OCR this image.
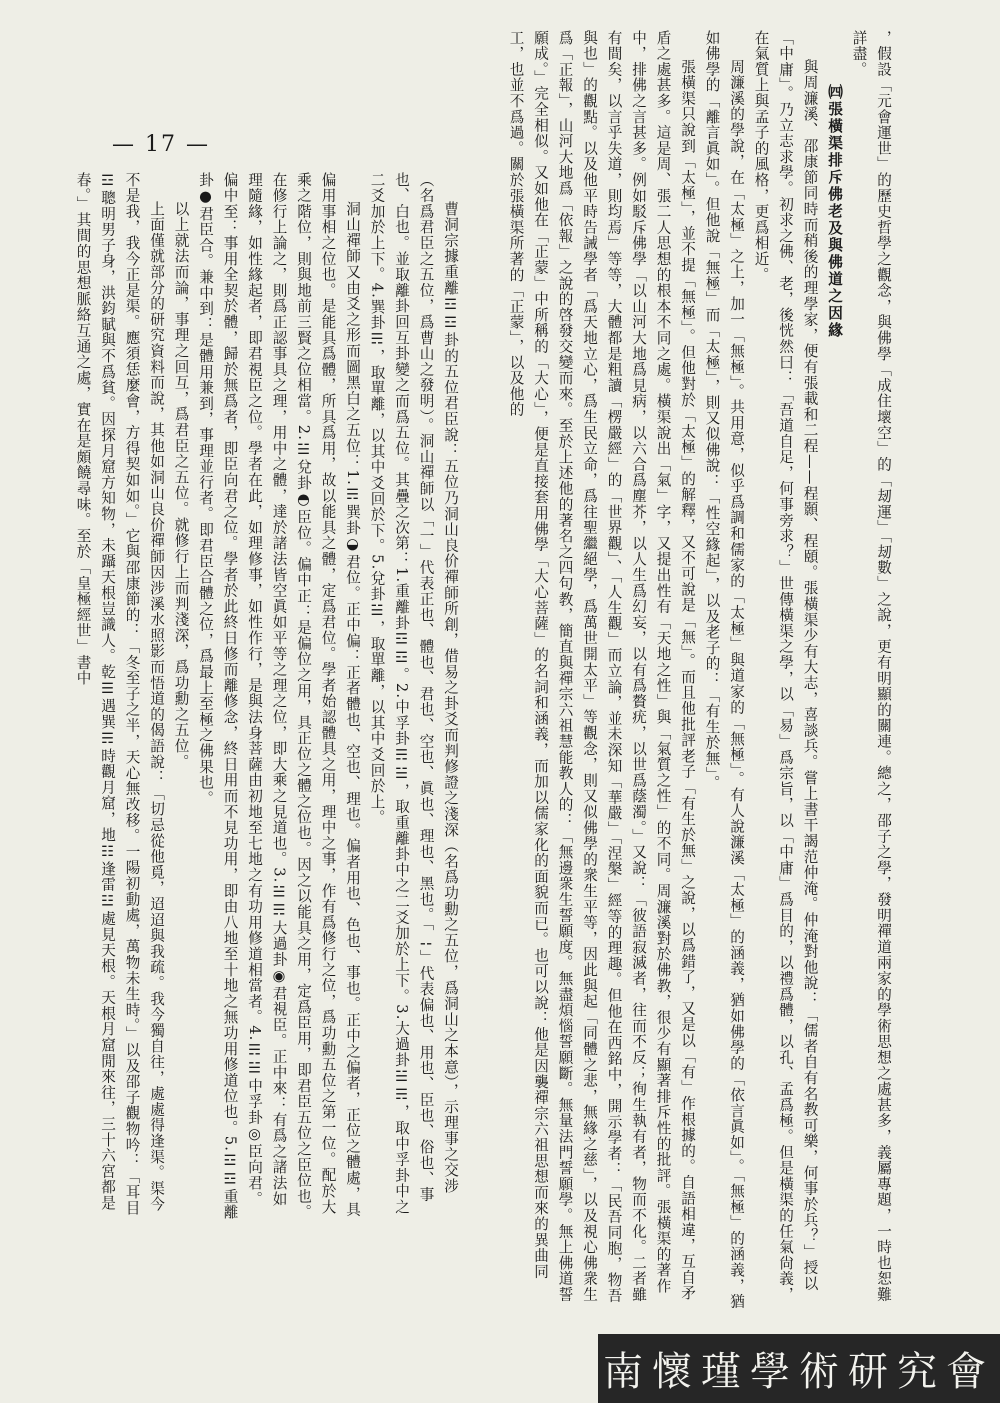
— 17 —	，假設「元會運世」的歷史哲學之觀念，與佛學「成住壞空」的「刼運」「刼數」之說，更有明顯的關連。總之，邵子之學，發明禪道兩家的學術思想之處甚多，義屬專題，一時也恕難詳盡。

㈣張橫渠排斥佛老及與佛道之因緣

與周濂溪、邵康節同時而稍後的理學家，便有張載和二程——程顥、程頤。張橫渠少有大志，喜談兵。嘗上書干謁范仲淹。仲淹對他說：「儒者自有名教可樂，何事於兵？」授以「中庸」。乃立志求學。初求之佛、老，後恍然曰：「吾道自足，何事旁求？」世傳橫渠之學，以「易」爲宗旨，以「中庸」爲目的，以禮爲體，以孔、孟爲極。但是橫渠的任氣尙義，在氣質上與孟子的風格，更爲相近。

周濂溪的學說，在「太極」之上，加一「無極」。共用意，似乎爲調和儒家的「太極」與道家的「無極」。有人說濂溪「太極」的涵義，猶如佛學的「依言眞如」。「無極」的涵義，猶如佛學的「離言眞如」。但他說「無極」而「太極」，則又似佛說：「性空緣起」，以及老子的：「有生於無」。

張橫渠只說到「太極」，並不提「無極」。但他對於「太極」的解釋，又不可說是「無」。而且他批評老子「有生於無」之說，以爲錯了，又是以「有」作根據的。自語相違，互自矛盾之處甚多。這是周、張二人思想的根本不同之處。橫渠說出「氣」字，又提出性有「天地之性」與「氣質之性」的不同。周濂溪對於佛教，很少有顯著排斥性的批評。張橫渠的著作中，排佛之言甚多。例如駁斥佛學「以山河大地爲見病，以六合爲塵芥，以人生爲幻妄，以有爲贅疣，以世爲蔭濁。」又說：「彼語寂滅者，往而不反；徇生執有者，物而不化。二者雖有間矣，以言乎失道，則均焉」等等，大體都是粗讀「楞嚴經」的「世界觀」、「人生觀」而立論，並未深知「華嚴」「涅槃」經等的理趣。但他在西銘中，開示學者：「民吾同胞，物吾與也」的觀點。以及他平時告誡學者「爲天地立心，爲生民立命，爲往聖繼絕學，爲萬世開太平」等觀念，則又似佛學的衆生平等，因此與起「同體之悲，無緣之慈」，以及視心佛衆生爲「正報」，山河大地爲「依報」之說的啓發交變而來。至於上述他的著名之四句教，簡直與禪宗六祖慧能教人的：「無邊衆生誓願度。無盡煩惱誓願斷。無量法門誓願學。無上佛道誓願成。」完全相似。又如他在「正蒙」中所稱的「大心」，便是直接套用佛學「大心菩薩」的名詞和涵義，而加以儒家化的面貌而已。也可以說：他是因襲禪宗六祖思想而來的異曲同工，也並不爲過。關於張橫渠所著的「正蒙」，以及他的

曹洞宗據重離☲☲卦的五位君臣說：五位乃洞山良价禪師所創，借易之卦爻而判修證之淺深（名爲功勳之五位，爲洞山之本意），示理事之交涉（名爲君臣之五位，爲曹山之發明）。洞山禪師以「一」代表正也、體也、君也、空也、眞也、理也、黑也。「⚋」代表偏也、用也、臣也、俗也、事也、白也。並取離卦回互卦變之而爲五位。其疊之次第：1.重離卦☲☲。2.中孚卦☴☱，取重離卦中之二爻加於上下。3.大過卦☱☴，取中孚卦中之二爻加於上下。4.巽卦☴，取單離，以其中爻回於下。5.兌卦☱，取單離，以其中爻回於上。

洞山禪師又由爻之形而圖黑白之五位：1.☴巽卦◒君位。正中偏：正者體也、空也、理也。偏者用也、色也、事也。正中之偏者，正位之體處，具偏用事相之位也。是能具爲體，所具爲用，故以能具之體，定爲君位。學者始認體具之用，理中之事，作有爲修行之位，爲功勳五位之第一位。配於大乘之階位，則與地前三賢之位相當。2.☱兌卦◓臣位。偏中正：是偏位之用，具正位之體之位也。因之以能具之用，定爲臣用，即君臣五位之臣位也。在修行上論之，則爲正認事具之理，用中之體，達於諸法皆空眞如平等之理之位，即大乘之見道也。3.☱☴大過卦◉君視臣。正中來：有爲之諸法如理隨緣，如性緣起者，即君視臣之位。學者在此，如理修事，如性作行，是與法身菩薩由初地至七地之有功用修道相當者。4.☴☱中孚卦◎臣向君。偏中至：事用全契於體，歸於無爲者，即臣向君之位。學者於此終日修而離修念，終日用而不見功用，即由八地至十地之無功用修道位也。5.☲☲重離卦●君臣合。兼中到：是體用兼到，事理並行者。即君臣合體之位，爲最上至極之佛果也。

以上就法而論，事理之回互，爲君臣之五位。就修行上而判淺深，爲功勳之五位。

上面僅就部分的研究資料而說，其他如洞山良价禪師因涉溪水照影而悟道的偈語說：「切忌從他覓，迢迢與我疏。我今獨自往，處處得逢渠。渠今不是我，我今正是渠。應須恁麼會，方得契如如。」它與邵康節的：「冬至子之半，天心無改移。一陽初動處，萬物未生時。」以及邵子觀物吟：「耳目☲聰明男子身，洪鈞賦與不爲貧。因探月窟方知物，未躡天根豈識人。乾☰遇巽☴時觀月窟，地☷逢雷☳處見天根。天根月窟閒來往，三十六宮都是春。」其間的思想脈絡互通之處，實在是頗饒尋味。至於「皇極經世」書中

南懷瑾學術研究會
